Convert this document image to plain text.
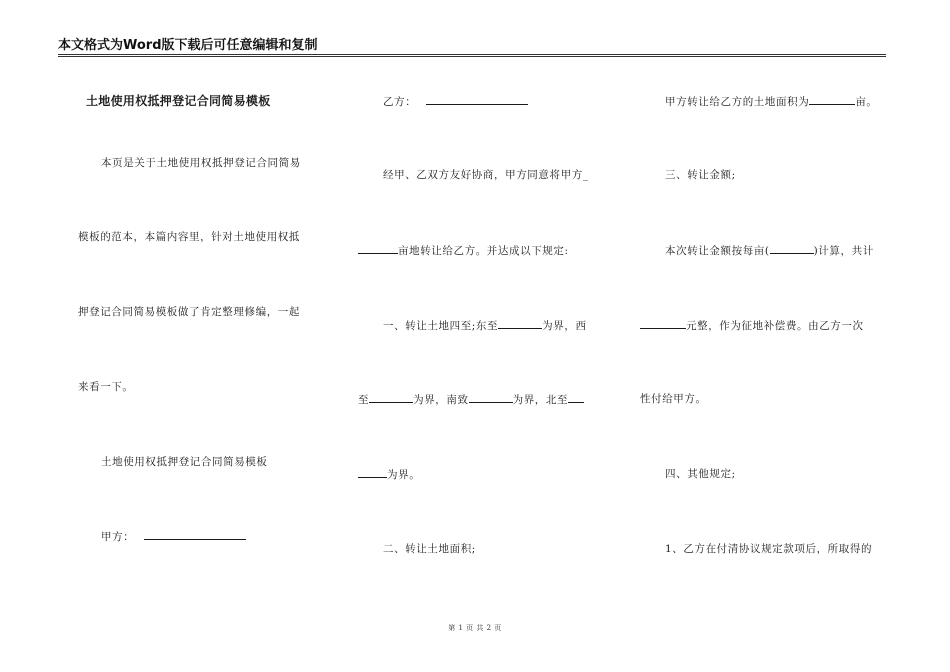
本文格式为Word版下载后可任意编辑和复制
土地使用权抵押登记合同简易模板
本页是关于土地使用权抵押登记合同简易
模板的范本，本篇内容里，针对土地使用权抵
押登记合同简易模板做了肯定整理修编，一起
来看一下。
土地使用权抵押登记合同简易模板
甲方：
乙方：
经甲、乙双方友好协商，甲方同意将甲方_
亩地转让给乙方。并达成以下规定:
一、转让土地四至;东至	为界，西
至	为界，南致	为界，北至
为界。
二、转让土地面积;
甲方转让给乙方的土地面积为	亩。
三、转让金额;
本次转让金额按每亩(	)计算，共计
元整，作为征地补偿费。由乙方一次
性付给甲方。
四、其他规定;
1、乙方在付清协议规定款项后，所取得的
第 1 页 共 2 页
